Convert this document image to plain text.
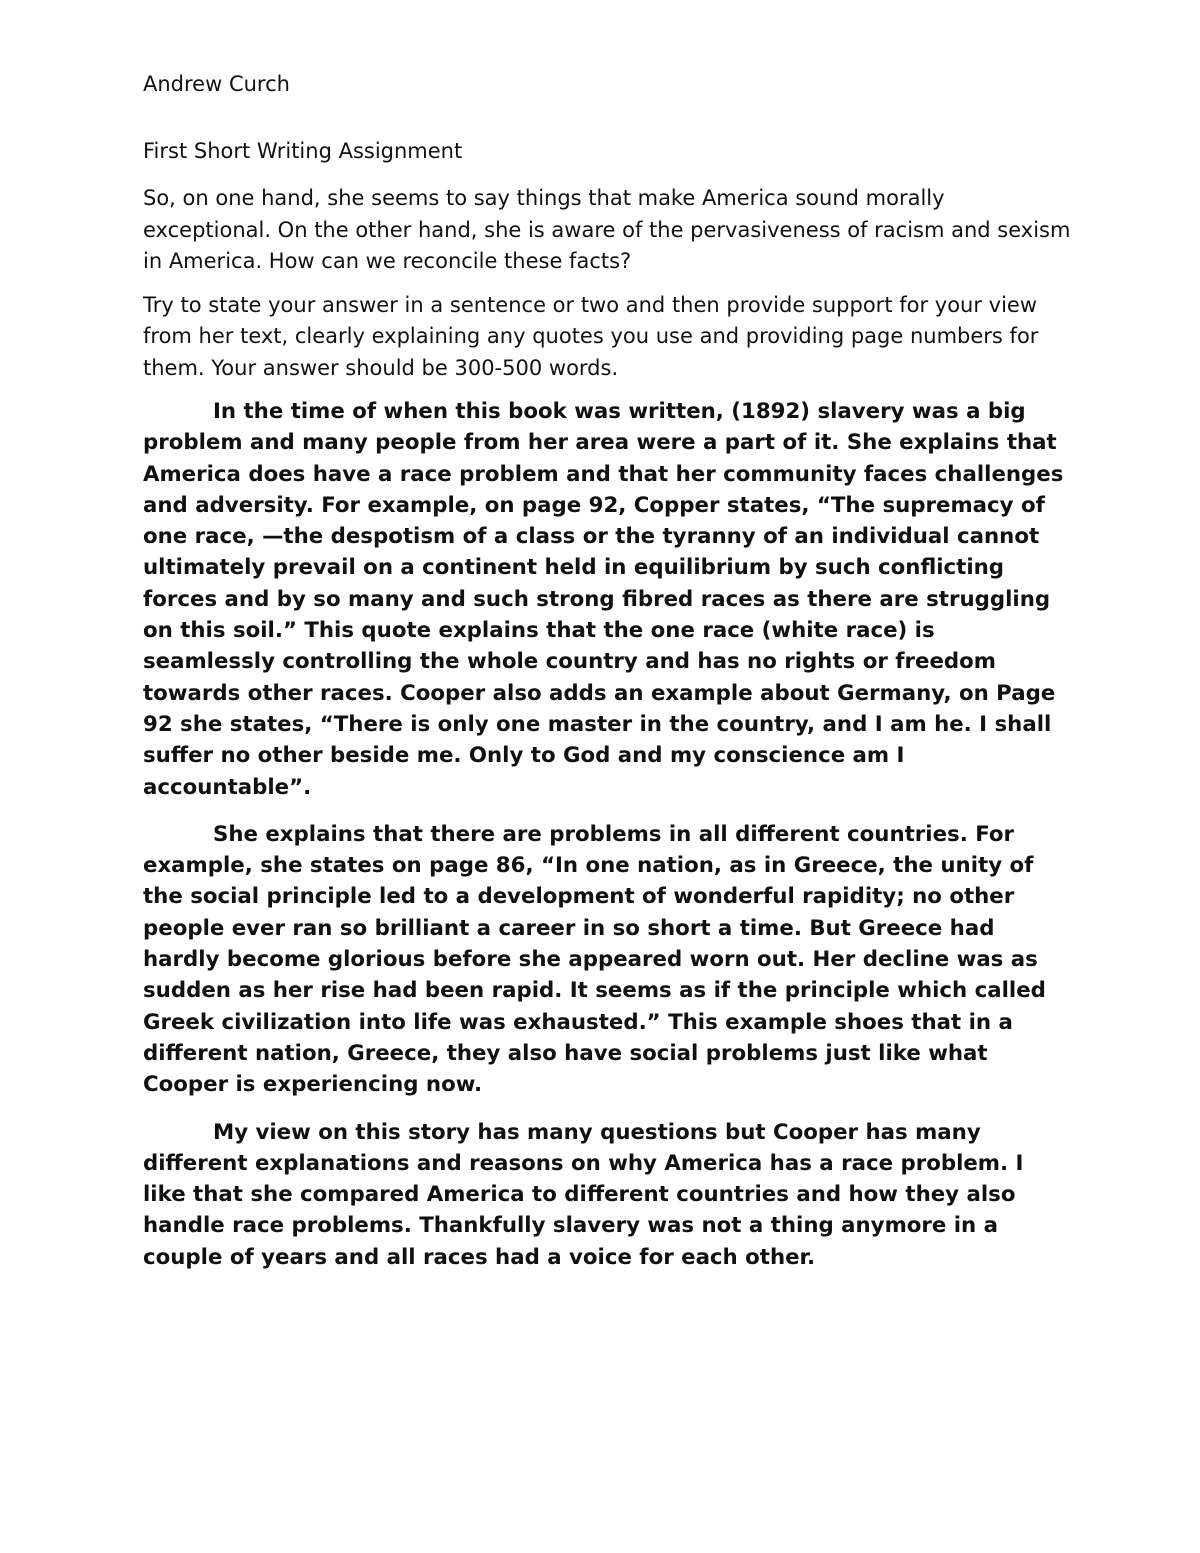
Andrew Curch

First Short Writing Assignment

So, on one hand, she seems to say things that make America sound morally exceptional. On the other hand, she is aware of the pervasiveness of racism and sexism in America. How can we reconcile these facts?

Try to state your answer in a sentence or two and then provide support for your view from her text, clearly explaining any quotes you use and providing page numbers for them. Your answer should be 300-500 words.

In the time of when this book was written, (1892) slavery was a big problem and many people from her area were a part of it. She explains that America does have a race problem and that her community faces challenges and adversity. For example, on page 92, Copper states, “The supremacy of one race, —the despotism of a class or the tyranny of an individual cannot ultimately prevail on a continent held in equilibrium by such conflicting forces and by so many and such strong fibred races as there are struggling on this soil.” This quote explains that the one race (white race) is seamlessly controlling the whole country and has no rights or freedom towards other races. Cooper also adds an example about Germany, on Page 92 she states, “There is only one master in the country, and I am he. I shall suffer no other beside me. Only to God and my conscience am I accountable”.

She explains that there are problems in all different countries. For example, she states on page 86, “In one nation, as in Greece, the unity of the social principle led to a development of wonderful rapidity; no other people ever ran so brilliant a career in so short a time. But Greece had hardly become glorious before she appeared worn out. Her decline was as sudden as her rise had been rapid. It seems as if the principle which called Greek civilization into life was exhausted.” This example shoes that in a different nation, Greece, they also have social problems just like what Cooper is experiencing now.

My view on this story has many questions but Cooper has many different explanations and reasons on why America has a race problem. I like that she compared America to different countries and how they also handle race problems. Thankfully slavery was not a thing anymore in a couple of years and all races had a voice for each other.
